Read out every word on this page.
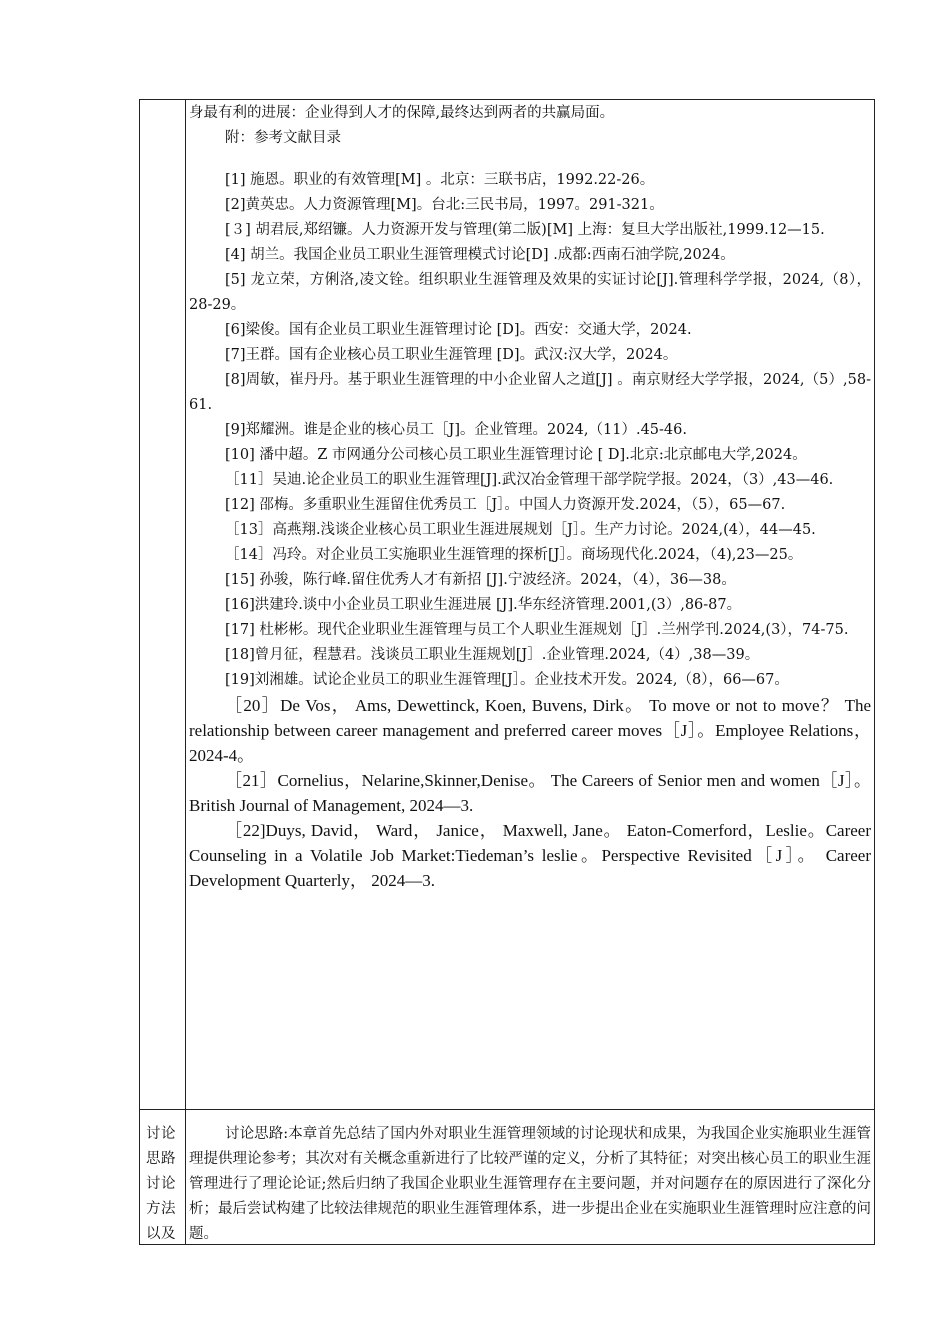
身最有利的进展：企业得到人才的保障,最终达到两者的共赢局面。

附：参考文献目录

[1] 施恩。职业的有效管理[M] 。北京：三联书店，1992.22-26。

[2]黄英忠。人力资源管理[M]。台北:三民书局，1997。291-321。

[３] 胡君辰,郑绍镰。人力资源开发与管理(第二版)[M] 上海：复旦大学出版社,1999.12—15.

[4] 胡兰。我国企业员工职业生涯管理模式讨论[D] .成都:西南石油学院,2024。

[5] 龙立荣，方俐洛,凌文铨。组织职业生涯管理及效果的实证讨论[J].管理科学学报，2024,（8），28-29。

[6]梁俊。国有企业员工职业生涯管理讨论 [D]。西安：交通大学，2024.

[7]王群。国有企业核心员工职业生涯管理 [D]。武汉:汉大学，2024。

[8]周敏，崔丹丹。基于职业生涯管理的中小企业留人之道[J] 。南京财经大学学报，2024,（5）,58-61.

[9]郑耀洲。谁是企业的核心员工［J]。企业管理。2024,（11）.45-46.

[10] 潘中超。Z 市网通分公司核心员工职业生涯管理讨论 [ D].北京:北京邮电大学,2024。

［11］吴迪.论企业员工的职业生涯管理[J].武汉冶金管理干部学院学报。2024，（3）,43—46.

[12] 邵梅。多重职业生涯留住优秀员工［J］。中国人力资源开发.2024，（5），65—67.

［13］高燕翔.浅谈企业核心员工职业生涯进展规划［J］。生产力讨论。2024,(4），44—45.

［14］冯玲。对企业员工实施职业生涯管理的探析[J］。商场现代化.2024，（4),23—25。

[15] 孙骏，陈行峰.留住优秀人才有新招 [J].宁波经济。2024，（4），36—38。

[16]洪建玲.谈中小企业员工职业生涯进展 [J].华东经济管理.2001,(3）,86-87。

[17] 杜彬彬。现代企业职业生涯管理与员工个人职业生涯规划［J］.兰州学刊.2024,(3），74-75.

[18]曾月征，程慧君。浅谈员工职业生涯规划[J］.企业管理.2024,（4）,38—39。

[19]刘湘雄。试论企业员工的职业生涯管理[J］。企业技术开发。2024,（8），66—67。

［20］De Vos， Ams, Dewettinck, Koen, Buvens, Dirk。 To move or not to move？ The relationship between career management and preferred career moves［J］。Employee Relations，2024-4。

［21］Cornelius，Nelarine,Skinner,Denise。 The Careers of Senior men and women［J］。 British Journal of Management, 2024—3.

［22]Duys, David， Ward， Janice， Maxwell, Jane。 Eaton-Comerford，Leslie。Career Counseling in a Volatile Job Market:Tiedeman’s leslie。Perspective Revisited［J］。 Career Development Quarterly， 2024—3.

讨论思路讨论方法以及

讨论思路:本章首先总结了国内外对职业生涯管理领域的讨论现状和成果，为我国企业实施职业生涯管理提供理论参考；其次对有关概念重新进行了比较严谨的定义，分析了其特征；对突出核心员工的职业生涯管理进行了理论论证;然后归纳了我国企业职业生涯管理存在主要问题，并对问题存在的原因进行了深化分析；最后尝试构建了比较法律规范的职业生涯管理体系，进一步提出企业在实施职业生涯管理时应注意的问题。
